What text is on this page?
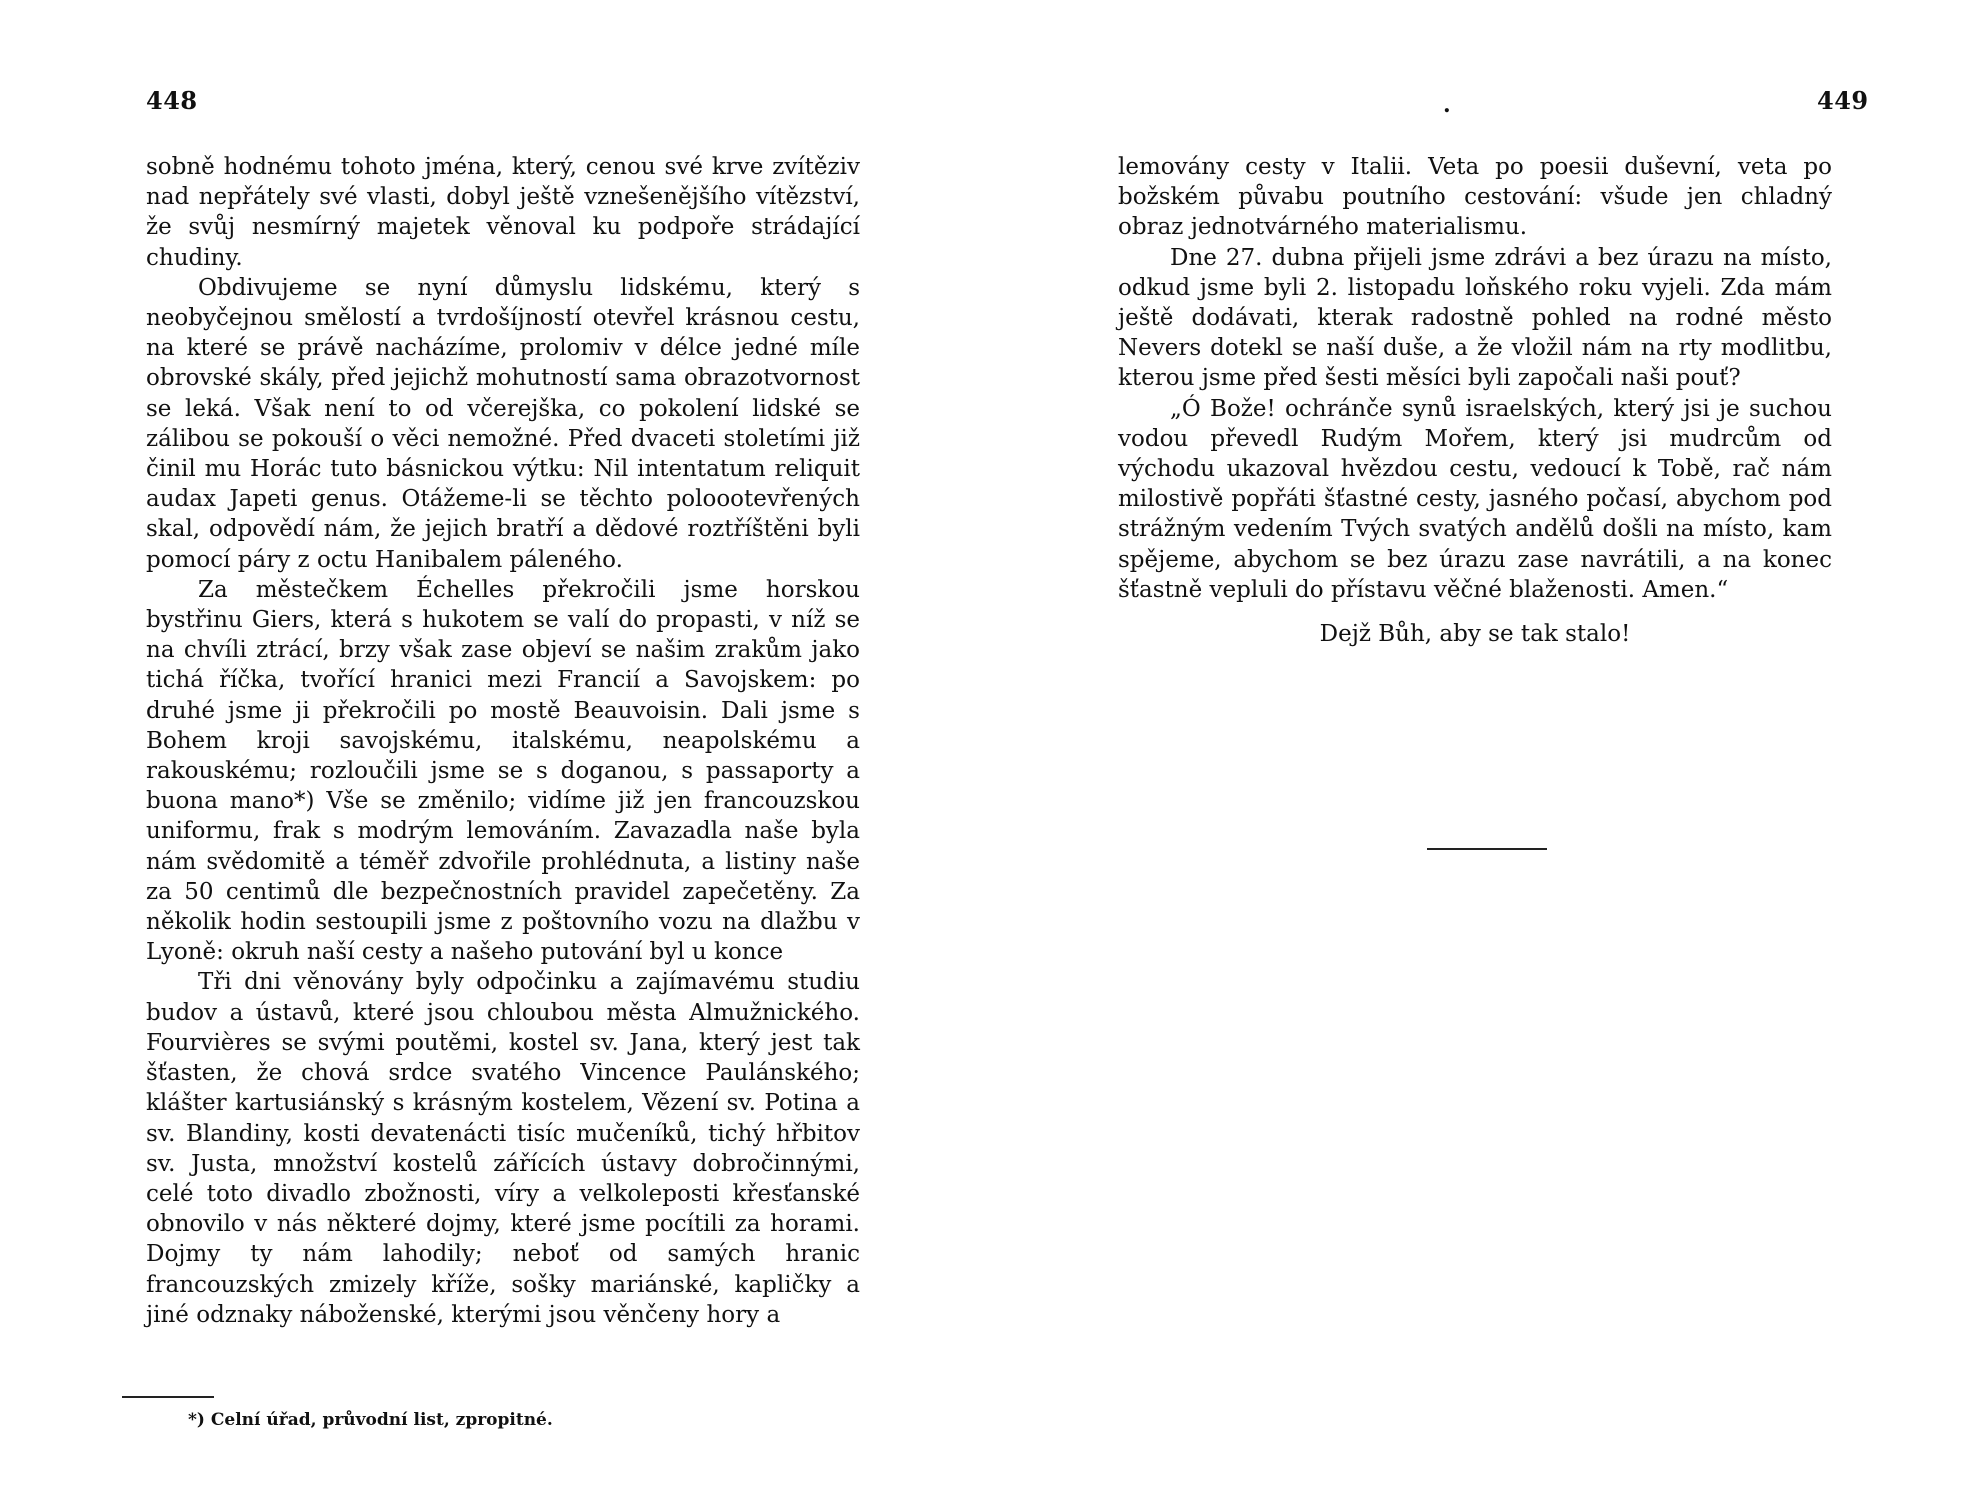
448

sobně hodnému tohoto jména, který, cenou své krve zvítěziv nad nepřátely své vlasti, dobyl ještě vznešenějšího vítězství, že svůj nesmírný majetek věnoval ku podpoře strádající chudiny.

Obdivujeme se nyní důmyslu lidskému, který s neobyčejnou smělostí a tvrdošíjností otevřel krásnou cestu, na které se právě nacházíme, prolomiv v délce jedné míle obrovské skály, před jejichž mohutností sama obrazotvornost se leká. Však není to od včerejška, co pokolení lidské se zálibou se pokouší o věci nemožné. Před dvaceti stoletími již činil mu Horác tuto básnickou výtku: Nil intentatum reliquit audax Japeti genus. Otážeme-li se těchto poloootevřených skal, odpovědí nám, že jejich bratří a dědové roztříštěni byli pomocí páry z octu Hanibalem páleného.

Za městečkem Échelles překročili jsme horskou bystřinu Giers, která s hukotem se valí do propasti, v níž se na chvíli ztrácí, brzy však zase objeví se našim zrakům jako tichá říčka, tvořící hranici mezi Francií a Savojskem: po druhé jsme ji překročili po mostě Beauvoisin. Dali jsme s Bohem kroji savojskému, italskému, neapolskému a rakouskému; rozloučili jsme se s doganou, s passaporty a buona mano*) Vše se změnilo; vidíme již jen francouzskou uniformu, frak s modrým lemováním. Zavazadla naše byla nám svědomitě a téměř zdvořile prohlédnuta, a listiny naše za 50 centimů dle bezpečnostních pravidel zapečetěny. Za několik hodin sestoupili jsme z poštovního vozu na dlažbu v Lyoně: okruh naší cesty a našeho putování byl u konce

Tři dni věnovány byly odpočinku a zajímavému studiu budov a ústavů, které jsou chloubou města Almužnického. Fourvières se svými poutěmi, kostel sv. Jana, který jest tak šťasten, že chová srdce svatého Vincence Paulánského; klášter kartusiánský s krásným kostelem, Vězení sv. Potina a sv. Blandiny, kosti devatenácti tisíc mučeníků, tichý hřbitov sv. Justa, množství kostelů zářících ústavy dobročinnými, celé toto divadlo zbožnosti, víry a velkoleposti křesťanské obnovilo v nás některé dojmy, které jsme pocítili za horami. Dojmy ty nám lahodily; neboť od samých hranic francouzských zmizely kříže, sošky mariánské, kapličky a jiné odznaky náboženské, kterými jsou věnčeny hory a

*) Celní úřad, průvodní list, zpropitné.
.	449

lemovány cesty v Italii. Veta po poesii duševní, veta po božském půvabu poutního cestování: všude jen chladný obraz jednotvárného materialismu.

Dne 27. dubna přijeli jsme zdrávi a bez úrazu na místo, odkud jsme byli 2. listopadu loňského roku vyjeli. Zda mám ještě dodávati, kterak radostně pohled na rodné město Nevers dotekl se naší duše, a že vložil nám na rty modlitbu, kterou jsme před šesti měsíci byli započali naši pouť?

„Ó Bože! ochránče synů israelských, který jsi je suchou vodou převedl Rudým Mořem, který jsi mudrcům od východu ukazoval hvězdou cestu, vedoucí k Tobě, rač nám milostivě popřáti šťastné cesty, jasného počasí, abychom pod strážným vedením Tvých svatých andělů došli na místo, kam spějeme, abychom se bez úrazu zase navrátili, a na konec šťastně vepluli do přístavu věčné blaženosti. Amen.“

Dejž Bůh, aby se tak stalo!
